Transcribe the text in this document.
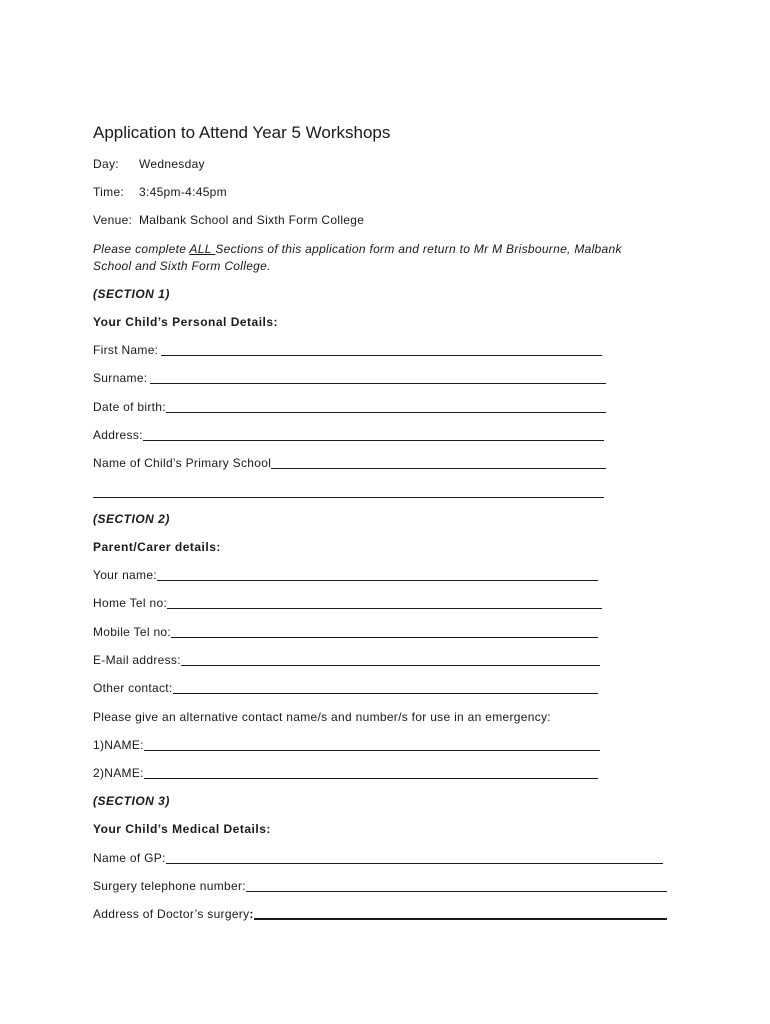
Application to Attend Year 5 Workshops
Day: Wednesday
Time: 3:45pm-4:45pm
Venue: Malbank School and Sixth Form College
Please complete ALL Sections of this application form and return to Mr M Brisbourne, Malbank
School and Sixth Form College.
(SECTION 1)
Your Child’s Personal Details:
First Name:
Surname:
Date of birth:
Address:
Name of Child’s Primary School
(SECTION 2)
Parent/Carer details:
Your name:
Home Tel no:
Mobile Tel no:
E-Mail address:
Other contact:
Please give an alternative contact name/s and number/s for use in an emergency:
1)NAME:
2)NAME:
(SECTION 3)
Your Child’s Medical Details:
Name of GP:
Surgery telephone number:
Address of Doctor’s surgery:
